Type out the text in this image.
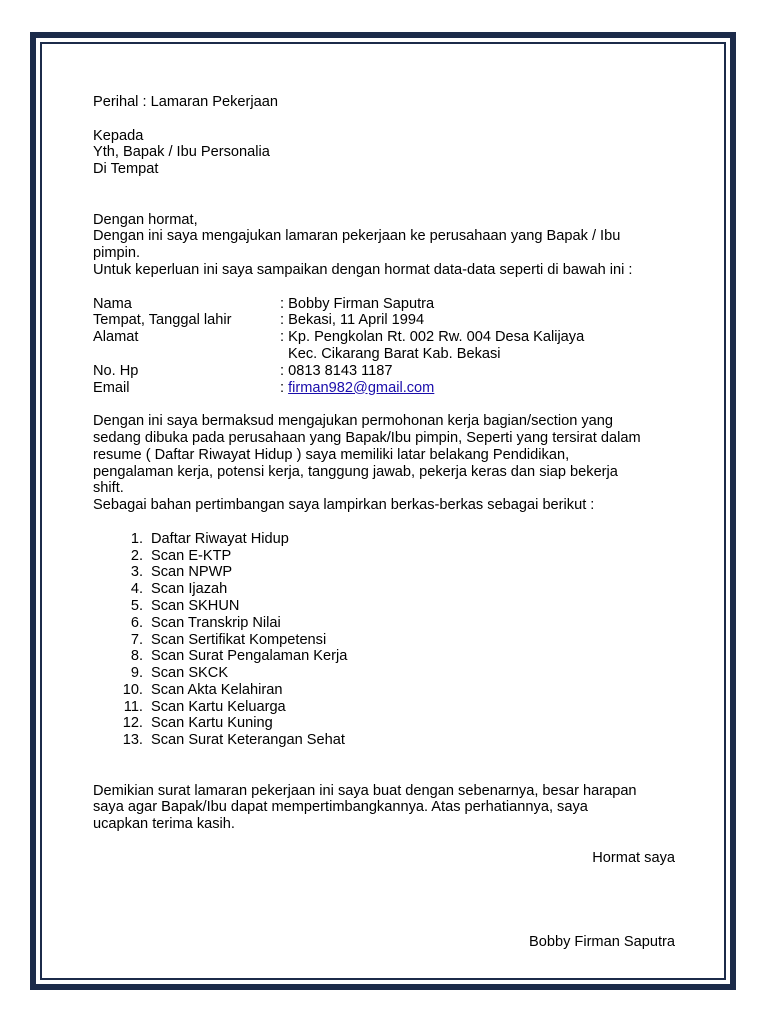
Perihal : Lamaran Pekerjaan
Kepada
Yth, Bapak / Ibu Personalia
Di Tempat
Dengan hormat,
Dengan ini saya mengajukan lamaran pekerjaan ke perusahaan yang Bapak / Ibu
pimpin.
Untuk keperluan ini saya sampaikan dengan hormat data-data seperti di bawah ini :
Nama	: Bobby Firman Saputra
Tempat, Tanggal lahir	: Bekasi, 11 April 1994
Alamat	: Kp. Pengkolan Rt. 002 Rw. 004 Desa Kalijaya
Kec. Cikarang Barat Kab. Bekasi
No. Hp	: 0813 8143 1187
Email	: firman982@gmail.com
Dengan ini saya bermaksud mengajukan permohonan kerja bagian/section yang
sedang dibuka pada perusahaan yang Bapak/Ibu pimpin, Seperti yang tersirat dalam
resume ( Daftar Riwayat Hidup ) saya memiliki latar belakang Pendidikan,
pengalaman kerja, potensi kerja, tanggung jawab, pekerja keras dan siap bekerja
shift.
Sebagai bahan pertimbangan saya lampirkan berkas-berkas sebagai berikut :
1. Daftar Riwayat Hidup
2. Scan E-KTP
3. Scan NPWP
4. Scan Ijazah
5. Scan SKHUN
6. Scan Transkrip Nilai
7. Scan Sertifikat Kompetensi
8. Scan Surat Pengalaman Kerja
9. Scan SKCK
10. Scan Akta Kelahiran
11. Scan Kartu Keluarga
12. Scan Kartu Kuning
13. Scan Surat Keterangan Sehat
Demikian surat lamaran pekerjaan ini saya buat dengan sebenarnya, besar harapan
saya agar Bapak/Ibu dapat mempertimbangkannya. Atas perhatiannya, saya
ucapkan terima kasih.
Hormat saya
Bobby Firman Saputra
